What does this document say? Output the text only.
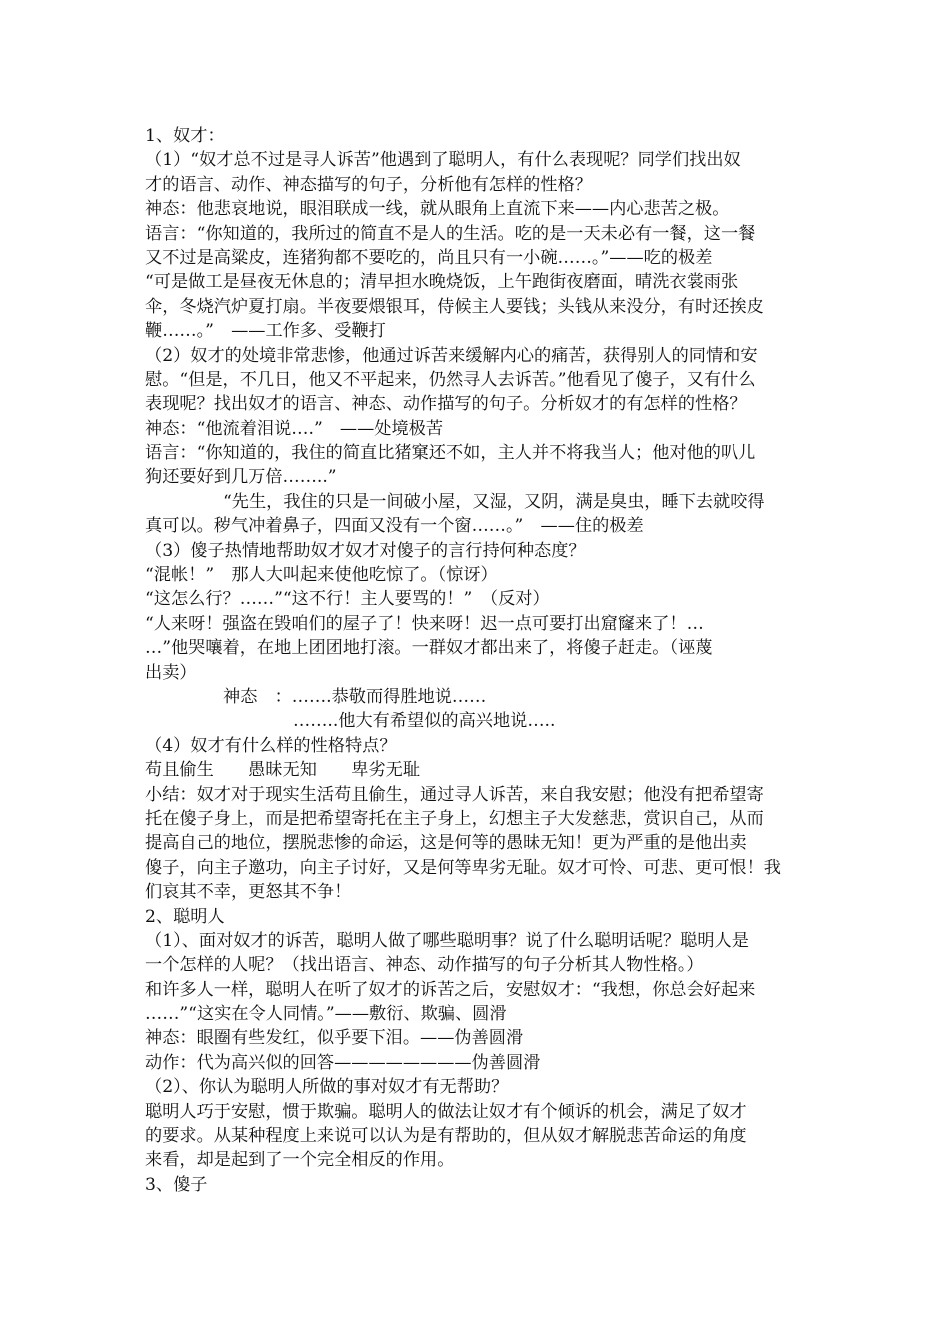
1、奴才：
（1）“奴才总不过是寻人诉苦”他遇到了聪明人，有什么表现呢？同学们找出奴
才的语言、动作、神态描写的句子，分析他有怎样的性格？
神态：他悲哀地说，眼泪联成一线，就从眼角上直流下来——内心悲苦之极。
语言：“你知道的，我所过的简直不是人的生活。吃的是一天未必有一餐，这一餐
又不过是高粱皮，连猪狗都不要吃的，尚且只有一小碗……。”——吃的极差
“可是做工是昼夜无休息的；清早担水晚烧饭，上午跑街夜磨面，晴洗衣裳雨张
伞，冬烧汽炉夏打扇。半夜要煨银耳，侍候主人要钱；头钱从来没分，有时还挨皮
鞭……。”　——工作多、受鞭打
（2）奴才的处境非常悲惨，他通过诉苦来缓解内心的痛苦，获得别人的同情和安
慰。“但是，不几日，他又不平起来，仍然寻人去诉苦。”他看见了傻子，又有什么
表现呢？找出奴才的语言、神态、动作描写的句子。分析奴才的有怎样的性格？
神态：“他流着泪说….”　——处境极苦
语言：“你知道的，我住的简直比猪窠还不如，主人并不将我当人；他对他的叭儿
狗还要好到几万倍……..”
“先生，我住的只是一间破小屋，又湿，又阴，满是臭虫，睡下去就咬得
真可以。秽气冲着鼻子，四面又没有一个窗……。”　——住的极差
（3）傻子热情地帮助奴才奴才对傻子的言行持何种态度？
“混帐！”　那人大叫起来使他吃惊了。（惊讶）
“这怎么行？……”“这不行！主人要骂的！”　（反对）
“人来呀！强盗在毁咱们的屋子了！快来呀！迟一点可要打出窟窿来了！…
…”他哭嚷着，在地上团团地打滚。一群奴才都出来了，将傻子赶走。（诬蔑
出卖）
神态　：…….恭敬而得胜地说……
……..他大有希望似的高兴地说…..
（4）奴才有什么样的性格特点？
苟且偷生　　愚昧无知　　卑劣无耻
小结：奴才对于现实生活苟且偷生，通过寻人诉苦，来自我安慰；他没有把希望寄
托在傻子身上，而是把希望寄托在主子身上，幻想主子大发慈悲，赏识自己，从而
提高自己的地位，摆脱悲惨的命运，这是何等的愚昧无知！更为严重的是他出卖
傻子，向主子邀功，向主子讨好，又是何等卑劣无耻。奴才可怜、可悲、更可恨！我
们哀其不幸，更怒其不争！
2、聪明人
（1）、面对奴才的诉苦，聪明人做了哪些聪明事？说了什么聪明话呢？聪明人是
一个怎样的人呢？（找出语言、神态、动作描写的句子分析其人物性格。）
和许多人一样，聪明人在听了奴才的诉苦之后，安慰奴才：“我想，你总会好起来
……”“这实在令人同情。”——敷衍、欺骗、圆滑
神态：眼圈有些发红，似乎要下泪。——伪善圆滑
动作：代为高兴似的回答————————伪善圆滑
（2）、你认为聪明人所做的事对奴才有无帮助？
聪明人巧于安慰，惯于欺骗。聪明人的做法让奴才有个倾诉的机会，满足了奴才
的要求。从某种程度上来说可以认为是有帮助的，但从奴才解脱悲苦命运的角度
来看，却是起到了一个完全相反的作用。
3、傻子
